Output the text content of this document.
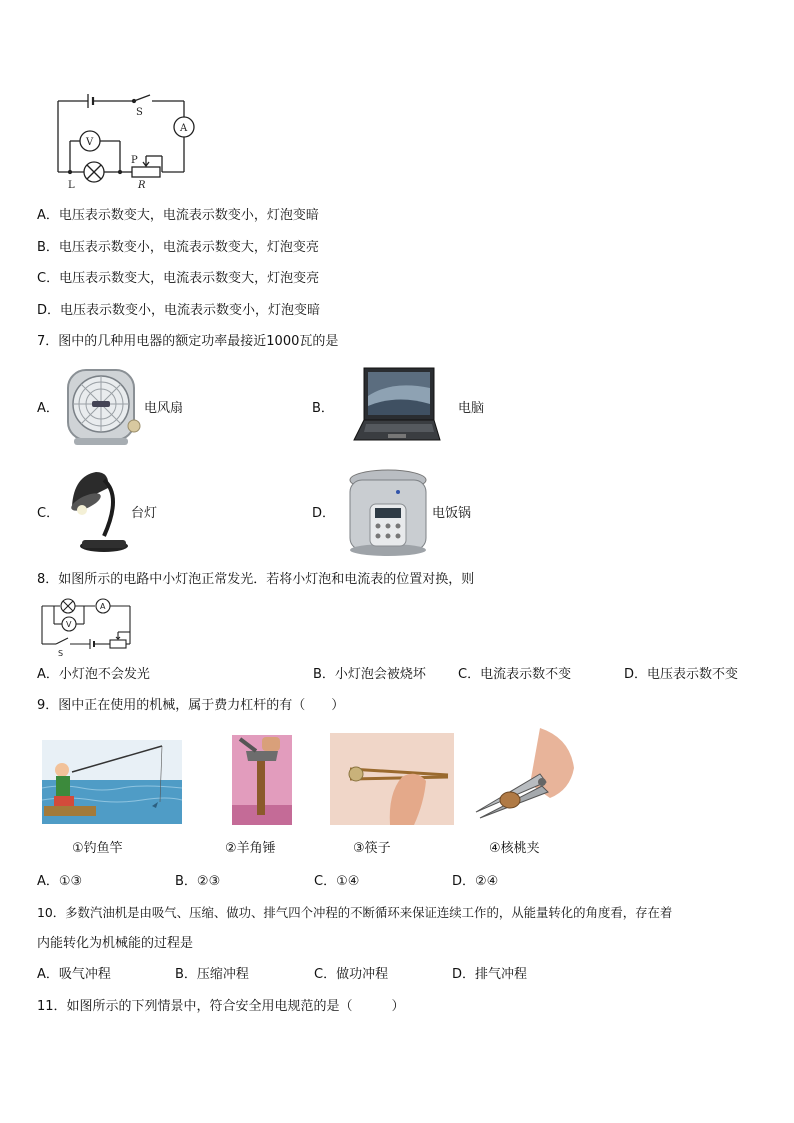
S
A
V
P
L	R
A．电压表示数变大，电流表示数变小，灯泡变暗
B．电压表示数变小，电流表示数变大，灯泡变亮
C．电压表示数变大，电流表示数变大，灯泡变亮
D．电压表示数变小，电流表示数变小，灯泡变暗
7．图中的几种用电器的额定功率最接近1000瓦的是
A．	电风扇	B．	电脑
C．	台灯	D．	电饭锅
8．如图所示的电路中小灯泡正常发光．若将小灯泡和电流表的位置对换，则
A
V
S
A．小灯泡不会发光	B．小灯泡会被烧坏 C．电流表示数不变	D．电压表示数不变
9．图中正在使用的机械，属于费力杠杆的有（　　）
①钓鱼竿	②羊角锤	③筷子	④核桃夹
A．①③	B．②③	C．①④	D．②④
10．多数汽油机是由吸气、压缩、做功、排气四个冲程的不断循环来保证连续工作的，从能量转化的角度看，存在着
内能转化为机械能的过程是
A．吸气冲程	B．压缩冲程	C．做功冲程	D．排气冲程
11．如图所示的下列情景中，符合安全用电规范的是（　　　）
